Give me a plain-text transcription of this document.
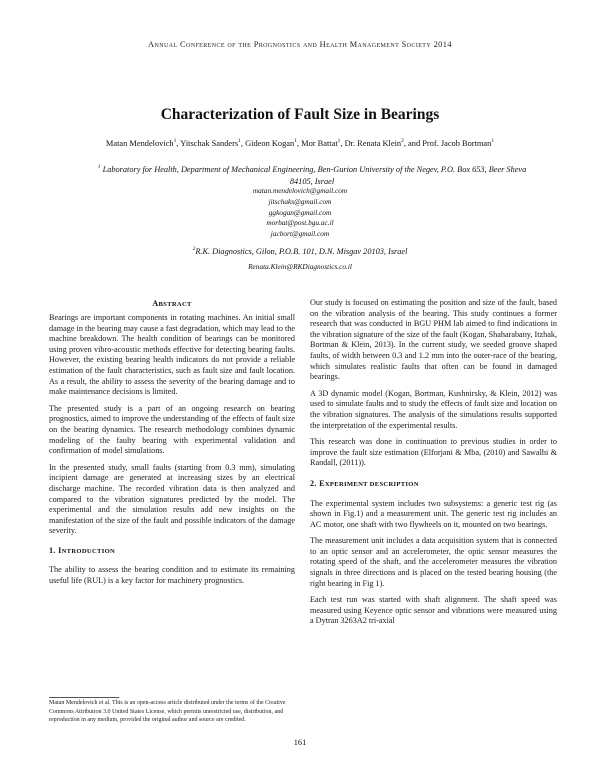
Annual Conference of the Prognostics and Health Management Society 2014
Characterization of Fault Size in Bearings
Matan Mendelovich$^1$, Yitschak Sanders$^1$, Gideon Kogan$^1$, Mor Battat$^1$, Dr. Renata Klein$^2$, and Prof. Jacob Bortman$^1$
$^1$ Laboratory for Health, Department of Mechanical Engineering, Ben-Gurion University of the Negev, P.O. Box 653, Beer Sheva 84105, Israel
matan.mendelovich@gmail.com
jitschaks@gmail.com
ggkogan@gmail.com
morbat@post.bgu.ac.il
jacbort@gmail.com
$^2$R.K. Diagnostics, Gilon, P.O.B. 101, D.N. Misgav 20103, Israel
Renata.Klein@RKDiagnostics.co.il
ABSTRACT

Bearings are important components in rotating machines. An initial small damage in the bearing may cause a fast degradation, which may lead to the machine breakdown. The health condition of bearings can be monitored using proven vibro-acoustic methods effective for detecting bearing faults. However, the existing bearing health indicators do not provide a reliable estimation of the fault characteristics, such as fault size and fault location. As a result, the ability to assess the severity of the bearing damage and to make maintenance decisions is limited.

The presented study is a part of an ongoing research on bearing prognostics, aimed to improve the understanding of the effects of fault size on the bearing dynamics. The research methodology combines dynamic modeling of the faulty bearing with experimental validation and confirmation of model simulations.

In the presented study, small faults (starting from 0.3 mm), simulating incipient damage are generated at increasing sizes by an electrical discharge machine. The recorded vibration data is then analyzed and compared to the vibration signatures predicted by the model. The experimental and the simulation results add new insights on the manifestation of the size of the fault and possible indicators of the damage severity.

1. INTRODUCTION

The ability to assess the bearing condition and to estimate its remaining useful life (RUL) is a key factor for machinery prognostics.

Our study is focused on estimating the position and size of the fault, based on the vibration analysis of the bearing. This study continues a former research that was conducted in BGU PHM lab aimed to find indications in the vibration signature of the size of the fault (Kogan, Shaharabany, Itzhak, Bortman & Klein, 2013). In the current study, we seeded groove shaped faults, of width between 0.3 and 1.2 mm into the outer-race of the bearing, which simulates realistic faults that often can be found in damaged bearings.

A 3D dynamic model (Kogan, Bortman, Kushnirsky, & Klein, 2012) was used to simulate faults and to study the effects of fault size and location on the vibration signatures. The analysis of the simulations results supported the interpretation of the experimental results.

This research was done in continuation to previous studies in order to improve the fault size estimation (Elforjani & Mba, (2010) and Sawalhi & Randall, (2011)).

2. EXPERIMENT DESCRIPTION

The experimental system includes two subsystems: a generic test rig (as shown in Fig.1) and a measurement unit. The generic test rig includes an AC motor, one shaft with two flywheels on it, mounted on two bearings.

The measurement unit includes a data acquisition system that is connected to an optic sensor and an accelerometer, the optic sensor measures the rotating speed of the shaft, and the accelerometer measures the vibration signals in three directions and is placed on the tested bearing housing (the right bearing in Fig 1).

Each test run was started with shaft alignment. The shaft speed was measured using Keyence optic sensor and vibrations were measured using a Dytran 3263A2 tri-axial

Matan Mendelovich et al. This is an open-access article distributed under the terms of the Creative Commons Attribution 3.0 United States License, which permits unrestricted use, distribution, and reproduction in any medium, provided the original author and source are credited.
161
